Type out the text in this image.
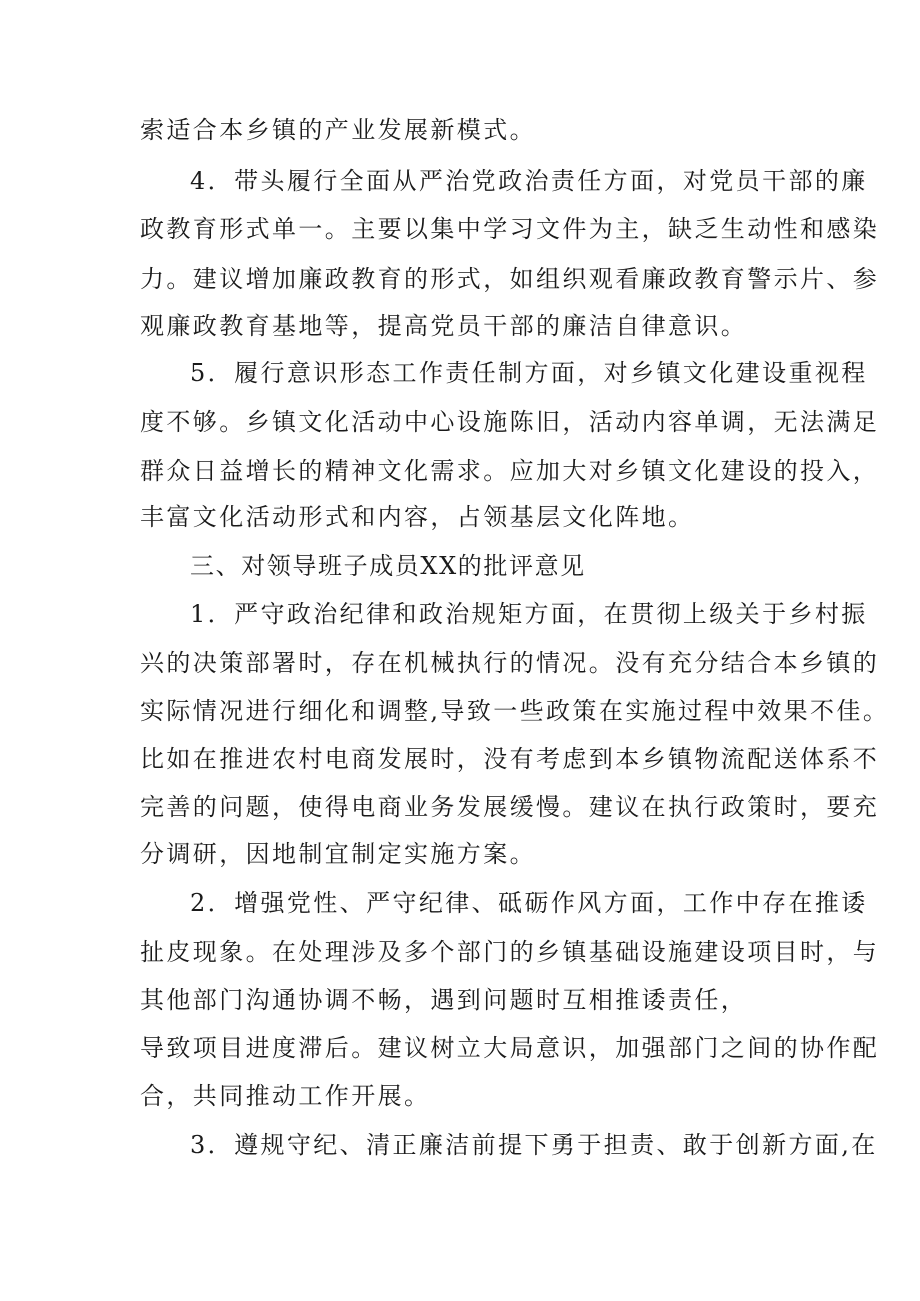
索适合本乡镇的产业发展新模式。
4．带头履行全面从严治党政治责任方面，对党员干部的廉
政教育形式单一。主要以集中学习文件为主，缺乏生动性和感染
力。建议增加廉政教育的形式，如组织观看廉政教育警示片、参
观廉政教育基地等，提高党员干部的廉洁自律意识。
5．履行意识形态工作责任制方面，对乡镇文化建设重视程
度不够。乡镇文化活动中心设施陈旧，活动内容单调，无法满足
群众日益增长的精神文化需求。应加大对乡镇文化建设的投入，
丰富文化活动形式和内容，占领基层文化阵地。
三、对领导班子成员XX的批评意见
1．严守政治纪律和政治规矩方面，在贯彻上级关于乡村振
兴的决策部署时，存在机械执行的情况。没有充分结合本乡镇的
实际情况进行细化和调整,导致一些政策在实施过程中效果不佳。
比如在推进农村电商发展时，没有考虑到本乡镇物流配送体系不
完善的问题，使得电商业务发展缓慢。建议在执行政策时，要充
分调研，因地制宜制定实施方案。
2．增强党性、严守纪律、砥砺作风方面，工作中存在推诿
扯皮现象。在处理涉及多个部门的乡镇基础设施建设项目时，与
其他部门沟通协调不畅，遇到问题时互相推诿责任，
导致项目进度滞后。建议树立大局意识，加强部门之间的协作配
合，共同推动工作开展。
3．遵规守纪、清正廉洁前提下勇于担责、敢于创新方面,在
